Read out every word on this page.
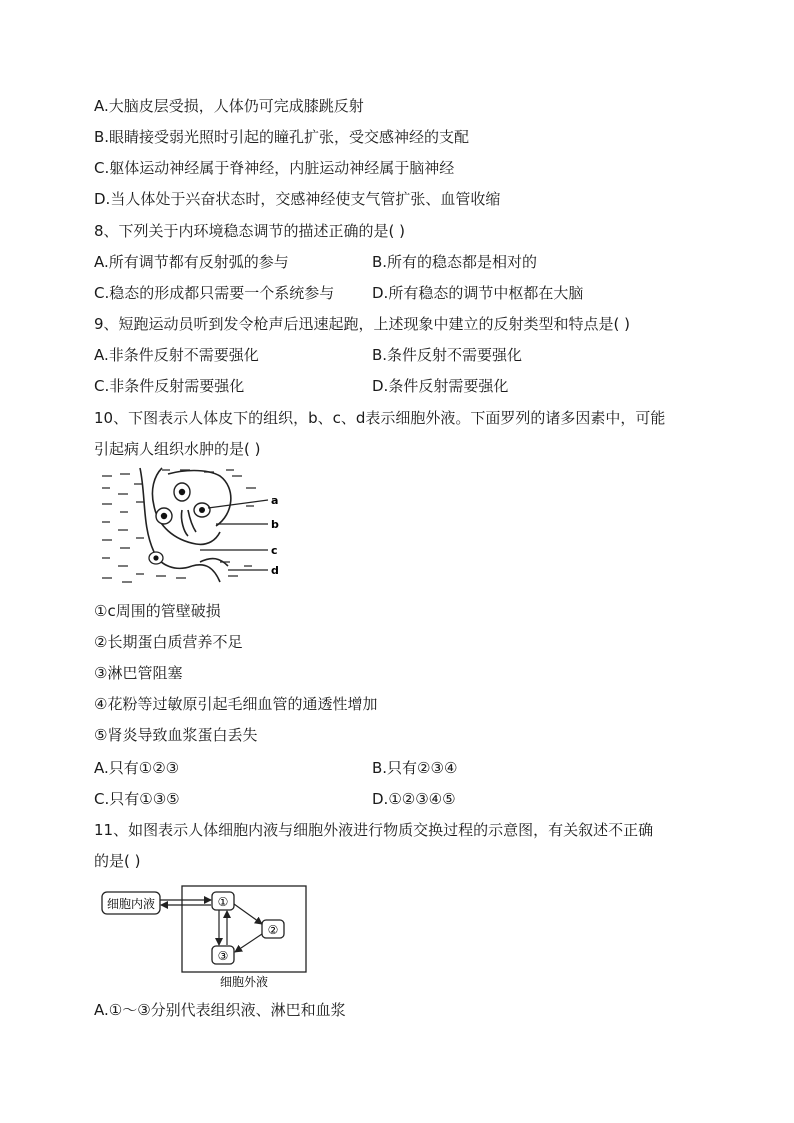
A.大脑皮层受损，人体仍可完成膝跳反射
B.眼睛接受弱光照时引起的瞳孔扩张，受交感神经的支配
C.躯体运动神经属于脊神经，内脏运动神经属于脑神经
D.当人体处于兴奋状态时，交感神经使支气管扩张、血管收缩
8、下列关于内环境稳态调节的描述正确的是( )
A.所有调节都有反射弧的参与	B.所有的稳态都是相对的
C.稳态的形成都只需要一个系统参与	D.所有稳态的调节中枢都在大脑
9、短跑运动员听到发令枪声后迅速起跑，上述现象中建立的反射类型和特点是( )
A.非条件反射不需要强化	B.条件反射不需要强化
C.非条件反射需要强化	D.条件反射需要强化
10、下图表示人体皮下的组织，b、c、d表示细胞外液。下面罗列的诸多因素中，可能
引起病人组织水肿的是( )
a
b
c
d
①c周围的管壁破损
②长期蛋白质营养不足
③淋巴管阻塞
④花粉等过敏原引起毛细血管的通透性增加
⑤肾炎导致血浆蛋白丢失
A.只有①②③	B.只有②③④
C.只有①③⑤	D.①②③④⑤
11、如图表示人体细胞内液与细胞外液进行物质交换过程的示意图，有关叙述不正确
的是( )
细胞内液	①
②
③
细胞外液
A.①～③分别代表组织液、淋巴和血浆
